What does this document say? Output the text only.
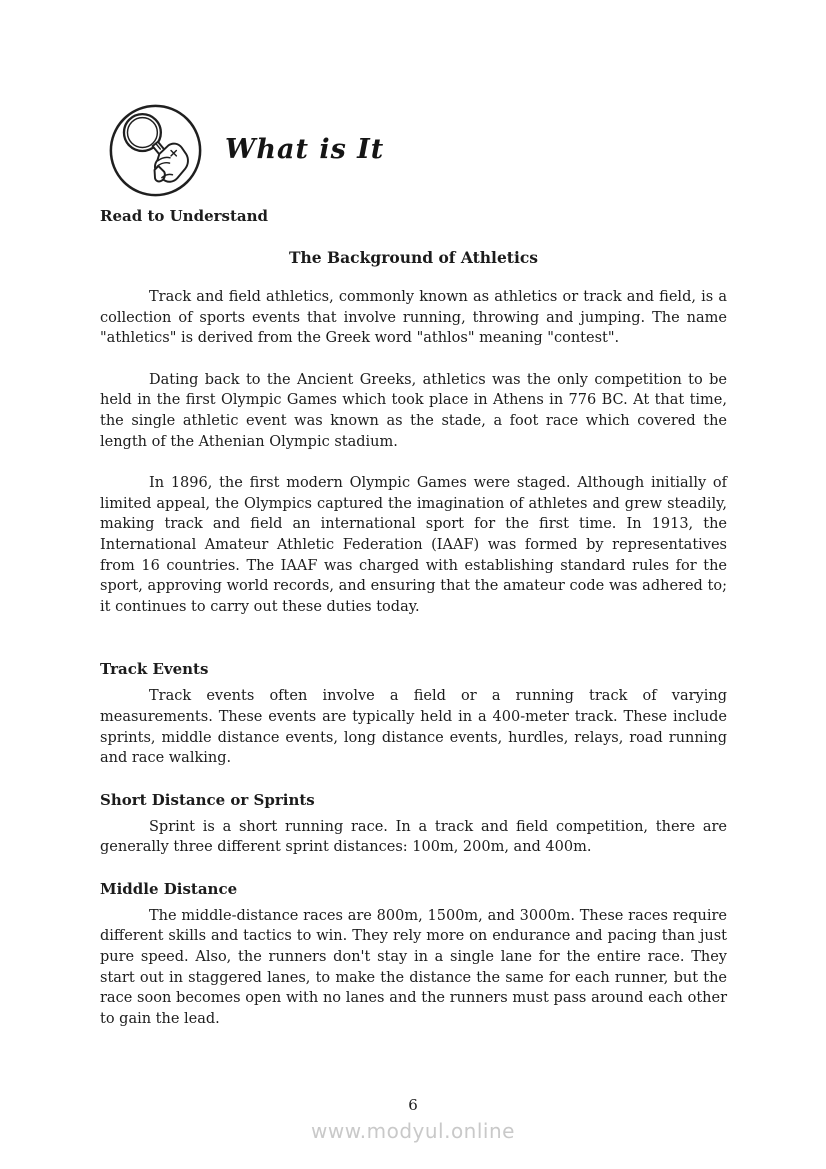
What is It
Read to Understand
The Background of Athletics

Track and field athletics, commonly known as athletics or track and field, is a collection of sports events that involve running, throwing and jumping. The name "athletics" is derived from the Greek word "athlos" meaning "contest".

Dating back to the Ancient Greeks, athletics was the only competition to be held in the first Olympic Games which took place in Athens in 776 BC. At that time, the single athletic event was known as the stade, a foot race which covered the length of the Athenian Olympic stadium.

In 1896, the first modern Olympic Games were staged. Although initially of limited appeal, the Olympics captured the imagination of athletes and grew steadily, making track and field an international sport for the first time. In 1913, the International Amateur Athletic Federation (IAAF) was formed by representatives from 16 countries. The IAAF was charged with establishing standard rules for the sport, approving world records, and ensuring that the amateur code was adhered to; it continues to carry out these duties today.

Track Events

Track events often involve a field or a running track of varying measurements. These events are typically held in a 400-meter track. These include sprints, middle distance events, long distance events, hurdles, relays, road running and race walking.

Short Distance or Sprints

Sprint is a short running race. In a track and field competition, there are generally three different sprint distances: 100m, 200m, and 400m.

Middle Distance

The middle-distance races are 800m, 1500m, and 3000m. These races require different skills and tactics to win. They rely more on endurance and pacing than just pure speed. Also, the runners don't stay in a single lane for the entire race. They start out in staggered lanes, to make the distance the same for each runner, but the race soon becomes open with no lanes and the runners must pass around each other to gain the lead.

6
www.modyul.online
